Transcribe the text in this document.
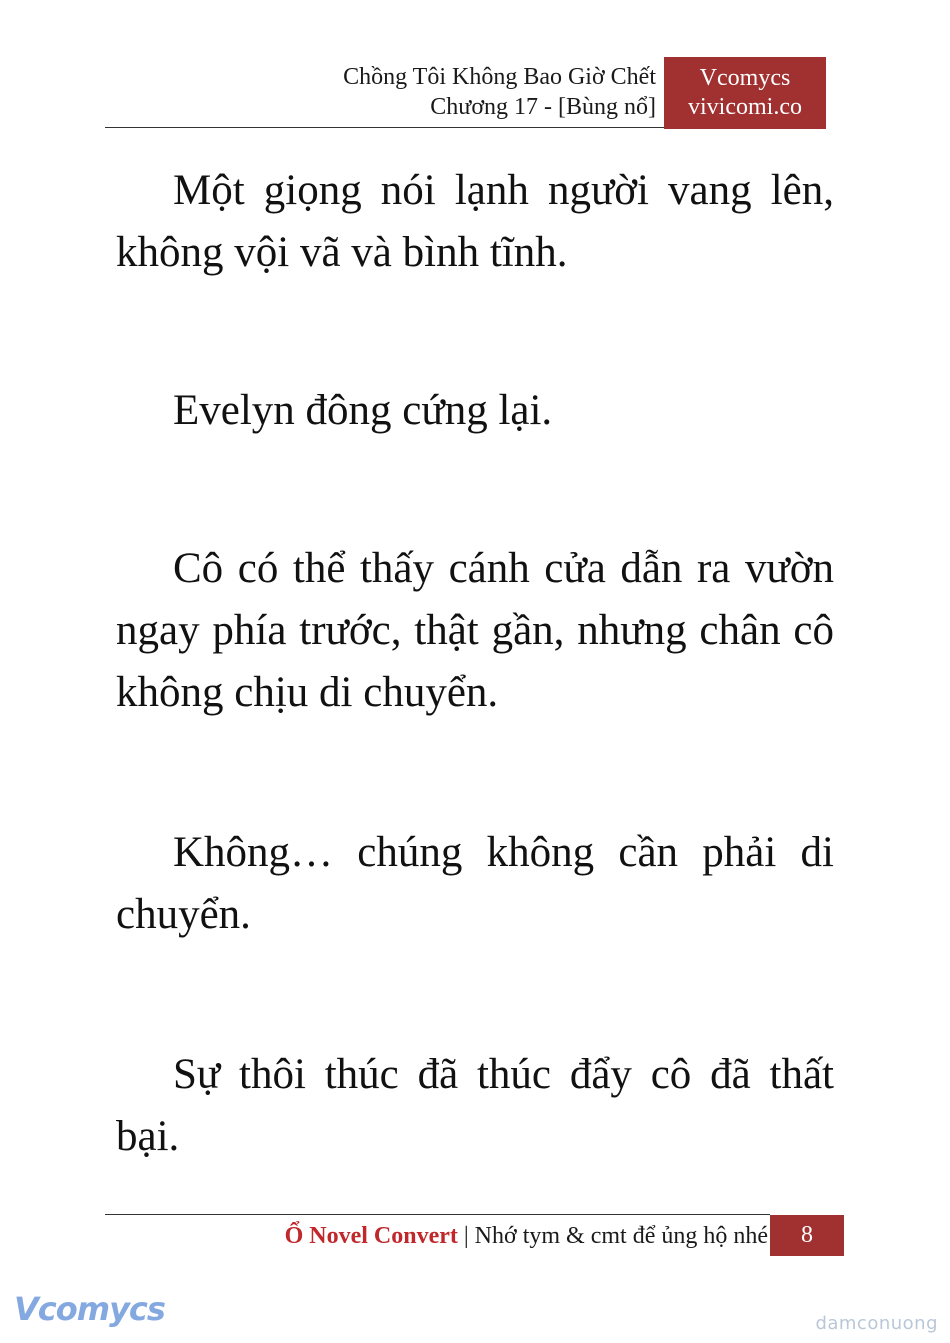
Chồng Tôi Không Bao Giờ Chết
Chương 17 - [Bùng nổ]
Vcomycs
vivicomi.co

Một giọng nói lạnh người vang lên, không vội vã và bình tĩnh.

Evelyn đông cứng lại.

Cô có thể thấy cánh cửa dẫn ra vườn ngay phía trước, thật gần, nhưng chân cô không chịu di chuyển.

Không… chúng không cần phải di chuyển.

Sự thôi thúc đã thúc đẩy cô đã thất bại.

Ổ Novel Convert | Nhớ tym & cmt để ủng hộ nhé	8
Vcomycs	damconuong
